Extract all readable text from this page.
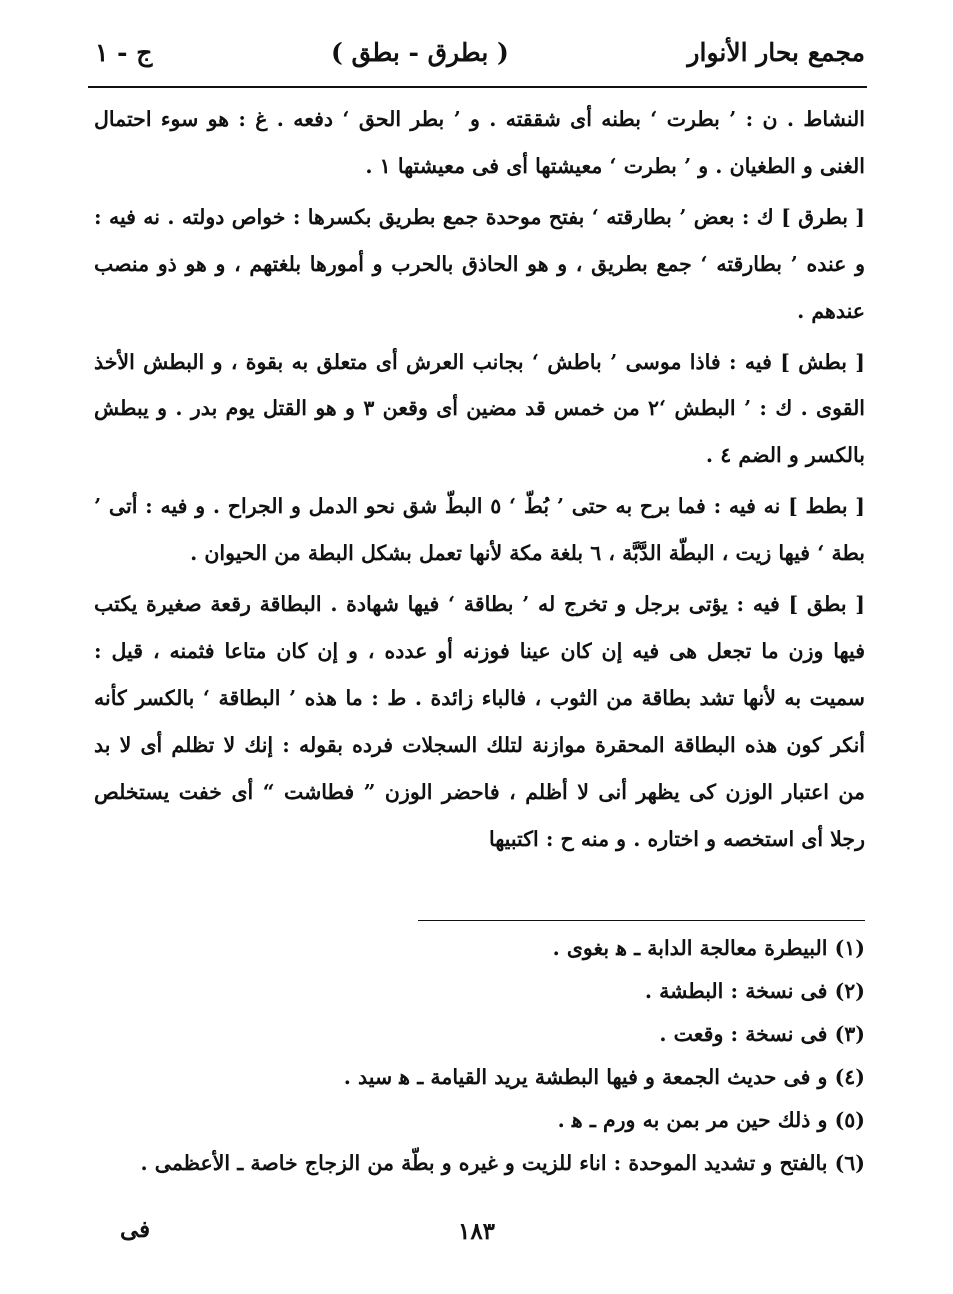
مجمع بحار الأنوار
( بطرق - بطق )
ج - ١

النشاط . ن : ’ بطرت ‘ بطنه أى شققته . و ’ بطر الحق ‘ دفعه . غ : هو سوء احتمال الغنى و الطغيان . و ’ بطرت ‘ معيشتها أى فى معيشتها ١ .

[ بطرق ] ك : بعض ’ بطارقته ‘ بفتح موحدة جمع بطريق بكسرها : خواص دولته . نه فيه : و عنده ’ بطارقته ‘ جمع بطريق ، و هو الحاذق بالحرب و أمورها بلغتهم ، و هو ذو منصب عندهم .

[ بطش ] فيه : فاذا موسى ’ باطش ‘ بجانب العرش أى متعلق به بقوة ، و البطش الأخذ القوى . ك : ’ البطش ‘٢ من خمس قد مضين أى وقعن ٣ و هو القتل يوم بدر . و يبطش بالكسر و الضم ٤ .

[ بطط ] نه فيه : فما برح به حتى ’ بُطّ ‘ ٥ البطّ شق نحو الدمل و الجراح . و فيه : أتى ’ بطة ‘ فيها زيت ، البطّة الدَّبَّة ، ٦ بلغة مكة لأنها تعمل بشكل البطة من الحيوان .

[ بطق ] فيه : يؤتى برجل و تخرج له ’ بطاقة ‘ فيها شهادة . البطاقة رقعة صغيرة يكتب فيها وزن ما تجعل هى فيه إن كان عينا فوزنه أو عدده ، و إن كان متاعا فثمنه ، قيل : سميت به لأنها تشد بطاقة من الثوب ، فالباء زائدة . ط : ما هذه ’ البطاقة ‘ بالكسر كأنه أنكر كون هذه البطاقة المحقرة موازنة لتلك السجلات فرده بقوله : إنك لا تظلم أى لا بد من اعتبار الوزن كى يظهر أنى لا أظلم ، فاحضر الوزن ” فطاشت “ أى خفت يستخلص رجلا أى استخصه و اختاره . و منه ح : اكتبيها

(١) البيطرة معالجة الدابة ـ ﻫ بغوى .
(٢) فى نسخة : البطشة .
(٣) فى نسخة : وقعت .
(٤) و فى حديث الجمعة و فيها البطشة يريد القيامة ـ ﻫ سيد .
(٥) و ذلك حين مر بمن به ورم ـ ﻫ .
(٦) بالفتح و تشديد الموحدة : اناء للزيت و غيره و بطّة من الزجاج خاصة ـ الأعظمى .
١٨٣
فى
